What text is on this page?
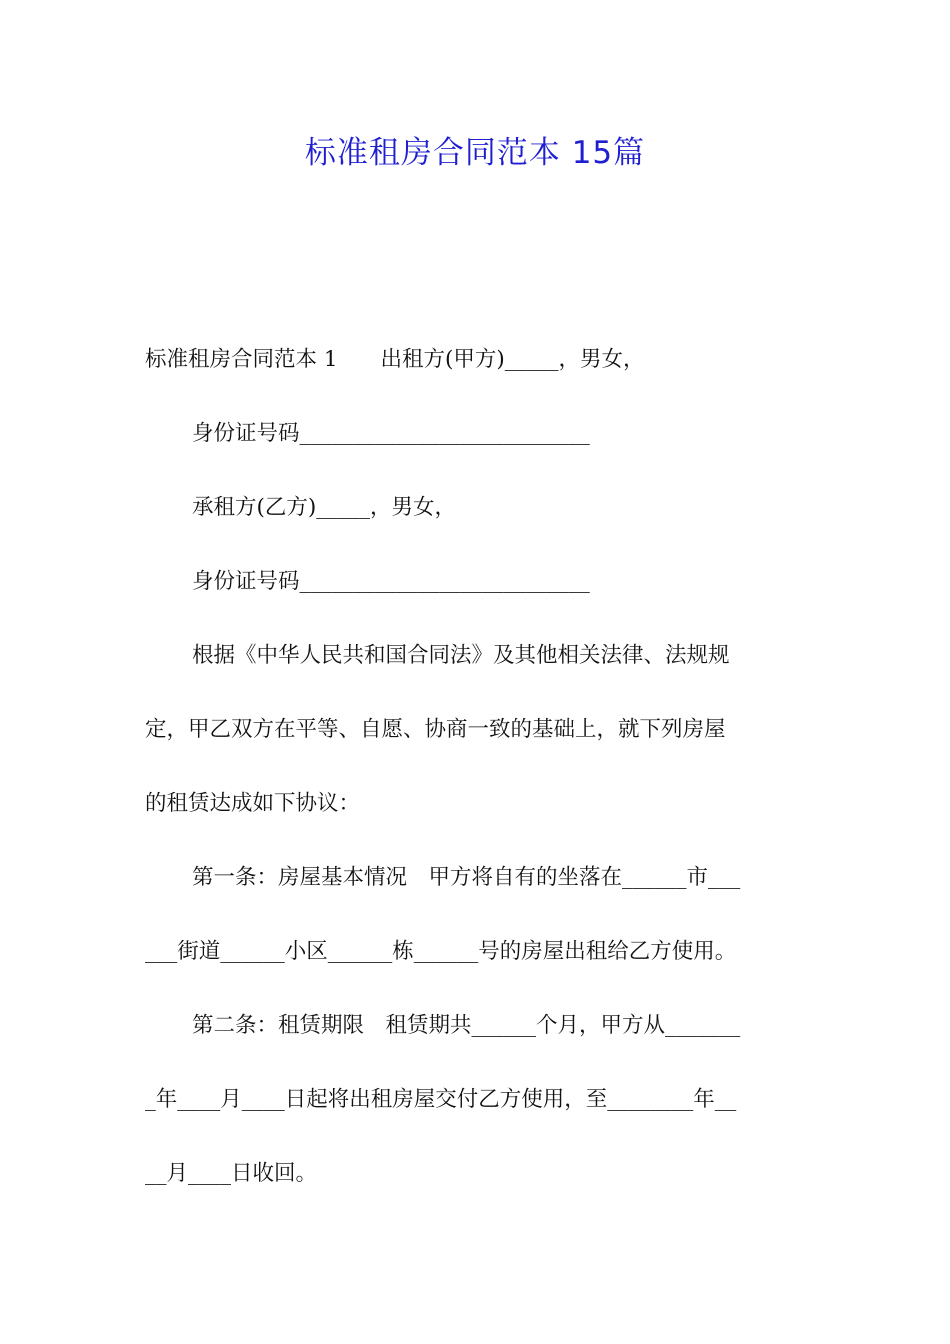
标准租房合同范本 15篇
标准租房合同范本 1　　出租方(甲方)_____，男女，
身份证号码___________________________
承租方(乙方)_____，男女，
身份证号码___________________________
根据《中华人民共和国合同法》及其他相关法律、法规规
定，甲乙双方在平等、自愿、协商一致的基础上，就下列房屋
的租赁达成如下协议：
第一条：房屋基本情况　甲方将自有的坐落在______市___
___街道______小区______栋______号的房屋出租给乙方使用。
第二条：租赁期限　租赁期共______个月，甲方从_______
_年____月____日起将出租房屋交付乙方使用，至________年__
__月____日收回。
